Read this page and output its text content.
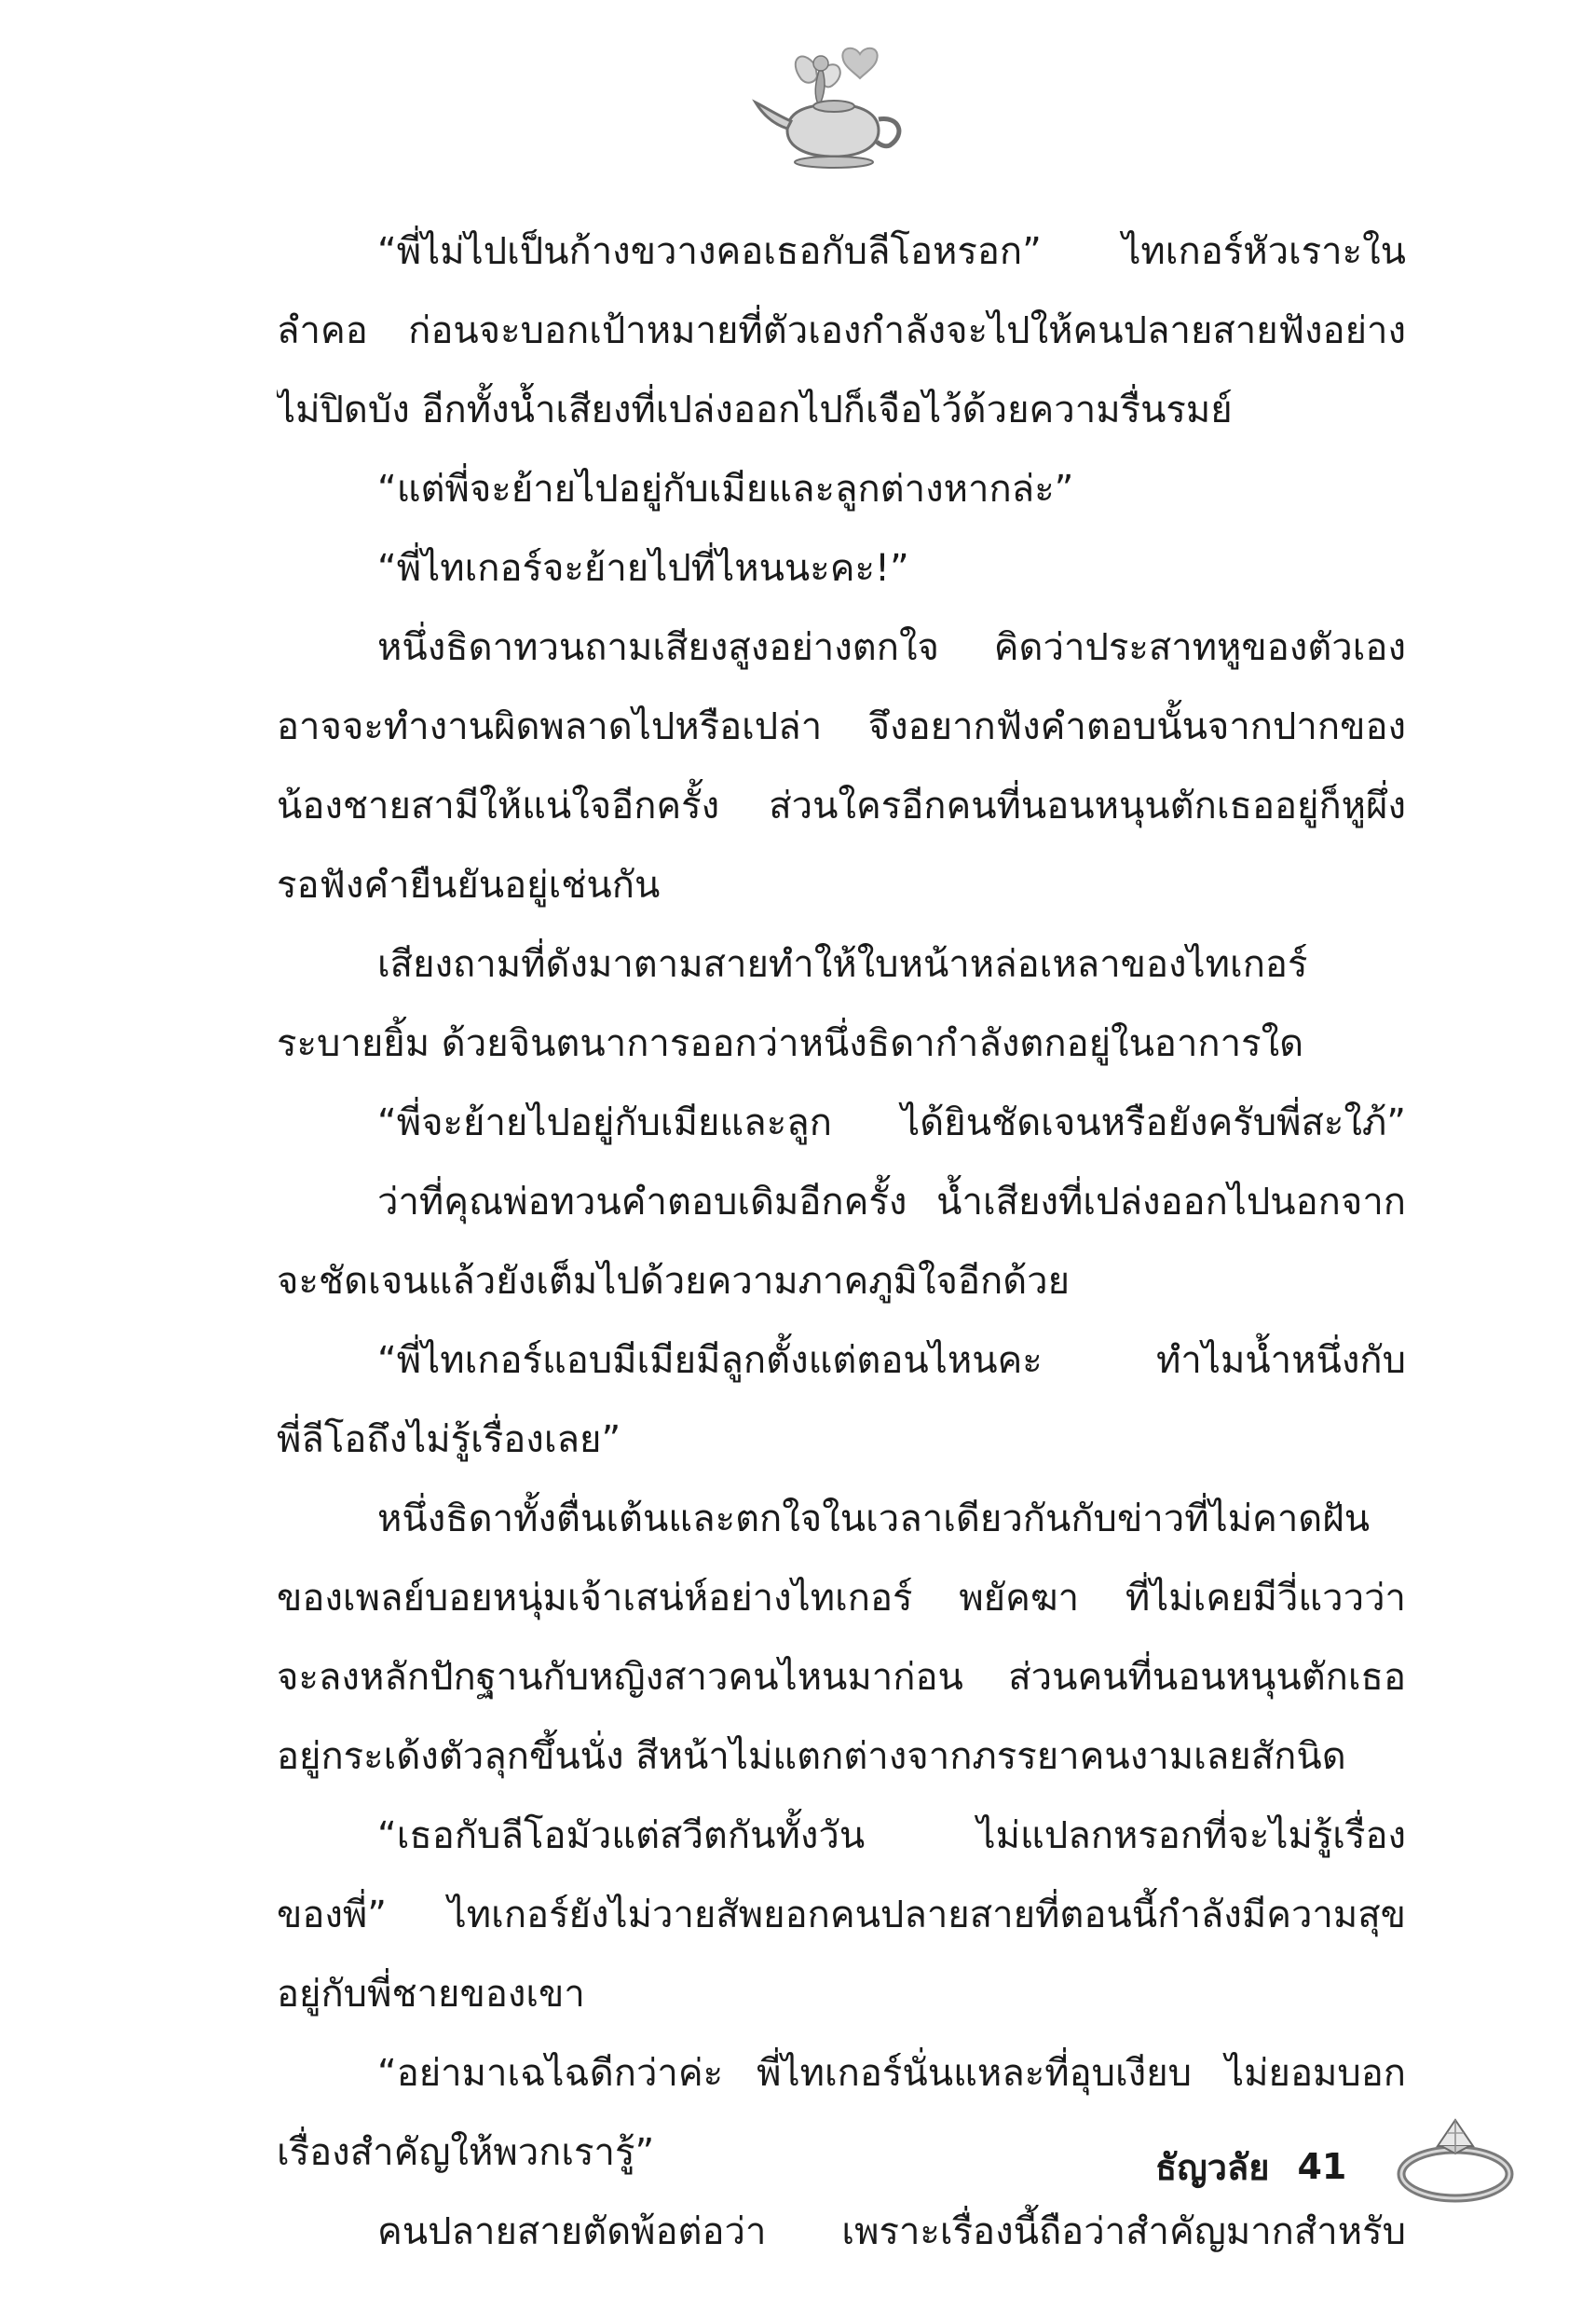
“พี่ไม่ไปเป็นก้างขวางคอเธอกับลีโอหรอก” ไทเกอร์หัวเราะใน
ลำคอ ก่อนจะบอกเป้าหมายที่ตัวเองกำลังจะไปให้คนปลายสายฟังอย่าง
ไม่ปิดบัง อีกทั้งน้ำเสียงที่เปล่งออกไปก็เจือไว้ด้วยความรื่นรมย์
“แต่พี่จะย้ายไปอยู่กับเมียและลูกต่างหากล่ะ”
“พี่ไทเกอร์จะย้ายไปที่ไหนนะคะ!”
หนึ่งธิดาทวนถามเสียงสูงอย่างตกใจ คิดว่าประสาทหูของตัวเอง
อาจจะทำงานผิดพลาดไปหรือเปล่า จึงอยากฟังคำตอบนั้นจากปากของ
น้องชายสามีให้แน่ใจอีกครั้ง ส่วนใครอีกคนที่นอนหนุนตักเธออยู่ก็หูผึ่ง
รอฟังคำยืนยันอยู่เช่นกัน
เสียงถามที่ดังมาตามสายทำให้ใบหน้าหล่อเหลาของไทเกอร์
ระบายยิ้ม ด้วยจินตนาการออกว่าหนึ่งธิดากำลังตกอยู่ในอาการใด
“พี่จะย้ายไปอยู่กับเมียและลูก ได้ยินชัดเจนหรือยังครับพี่สะใภ้”
ว่าที่คุณพ่อทวนคำตอบเดิมอีกครั้ง น้ำเสียงที่เปล่งออกไปนอกจาก
จะชัดเจนแล้วยังเต็มไปด้วยความภาคภูมิใจอีกด้วย
“พี่ไทเกอร์แอบมีเมียมีลูกตั้งแต่ตอนไหนคะ ทำไมน้ำหนึ่งกับ
พี่ลีโอถึงไม่รู้เรื่องเลย”
หนึ่งธิดาทั้งตื่นเต้นและตกใจในเวลาเดียวกันกับข่าวที่ไม่คาดฝัน
ของเพลย์บอยหนุ่มเจ้าเสน่ห์อย่างไทเกอร์ พยัคฆา ที่ไม่เคยมีวี่แววว่า
จะลงหลักปักฐานกับหญิงสาวคนไหนมาก่อน ส่วนคนที่นอนหนุนตักเธอ
อยู่กระเด้งตัวลุกขึ้นนั่ง สีหน้าไม่แตกต่างจากภรรยาคนงามเลยสักนิด
“เธอกับลีโอมัวแต่สวีตกันทั้งวัน ไม่แปลกหรอกที่จะไม่รู้เรื่อง
ของพี่” ไทเกอร์ยังไม่วายสัพยอกคนปลายสายที่ตอนนี้กำลังมีความสุข
อยู่กับพี่ชายของเขา
“อย่ามาเฉไฉดีกว่าค่ะ พี่ไทเกอร์นั่นแหละที่อุบเงียบ ไม่ยอมบอก
เรื่องสำคัญให้พวกเรารู้”
คนปลายสายตัดพ้อต่อว่า เพราะเรื่องนี้ถือว่าสำคัญมากสำหรับ
ธัญวลัย 41
